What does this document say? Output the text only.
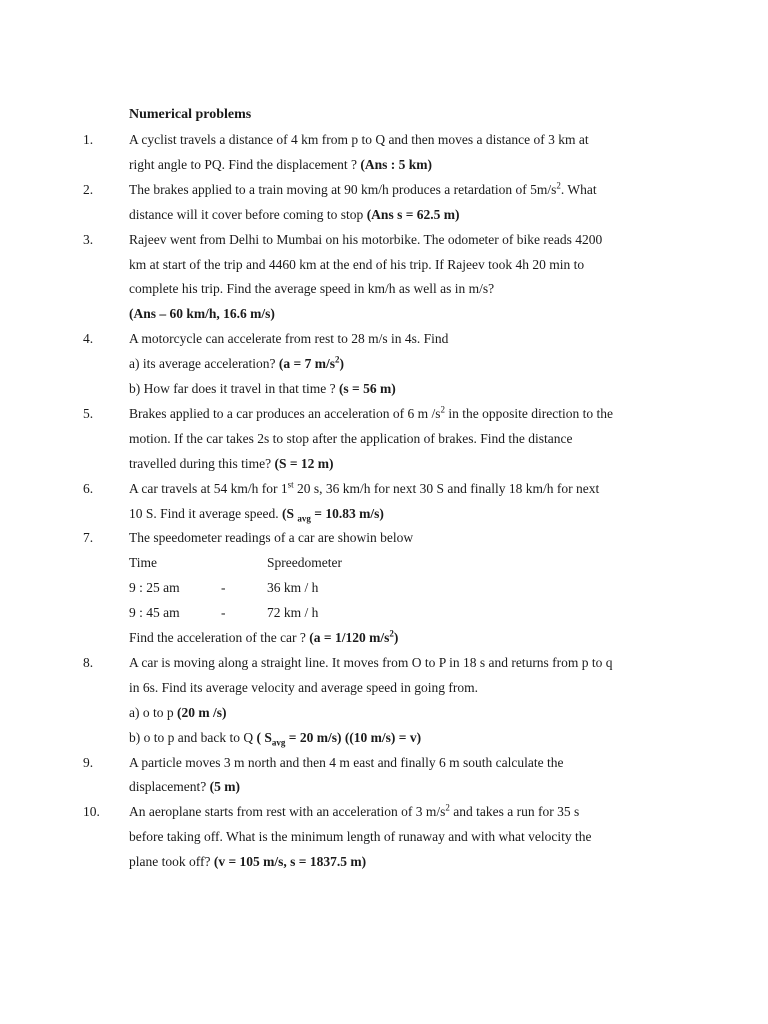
Numerical problems
1.	A cyclist travels a distance of 4 km from p to Q and then moves a distance of 3 km at
right angle to PQ. Find the displacement ? (Ans : 5 km)
2.	The brakes applied to a train moving at 90 km/h produces a retardation of $5m/s^2$. What
distance will it cover before coming to stop (Ans s = 62.5 m)
3.	Rajeev went from Delhi to Mumbai on his motorbike. The odometer of bike reads 4200
km at start of the trip and 4460 km at the end of his trip. If Rajeev took 4h 20 min to
complete his trip. Find the average speed in km/h as well as in m/s?
(Ans – 60 km/h, 16.6 m/s)
4.	A motorcycle can accelerate from rest to 28 m/s in 4s. Find
a) its average acceleration? (a = 7 $m/s^2$)
b) How far does it travel in that time ? (s = 56 m)
5.	Brakes applied to a car produces an acceleration of 6 m $/s^2$ in the opposite direction to the
motion. If the car takes 2s to stop after the application of brakes. Find the distance
travelled during this time? (S = 12 m)
6.	A car travels at 54 km/h for 1st 20 s, 36 km/h for next 30 S and finally 18 km/h for next
10 S. Find it average speed. (S $_{avg}$ = 10.83 m/s)
7.	The speedometer readings of a car are showin below
Time	Spreedometer
9 : 25 am	-	36 km / h
9 : 45 am	-	72 km / h
Find the acceleration of the car ? (a = 1/120 $m/s^2$)
8.	A car is moving along a straight line. It moves from O to P in 18 s and returns from p to q
in 6s. Find its average velocity and average speed in going from.
a) o to p (20 m /s)
b) o to p and back to Q ( $S_{avg} = 20$ m/s) ((10 m/s) = v)
9.	A particle moves 3 m north and then 4 m east and finally 6 m south calculate the
displacement? (5 m)
10. An aeroplane starts from rest with an acceleration of 3 $m/s^2$ and takes a run for 35 s
before taking off. What is the minimum length of runaway and with what velocity the
plane took off? (v = 105 m/s, s = 1837.5 m)
